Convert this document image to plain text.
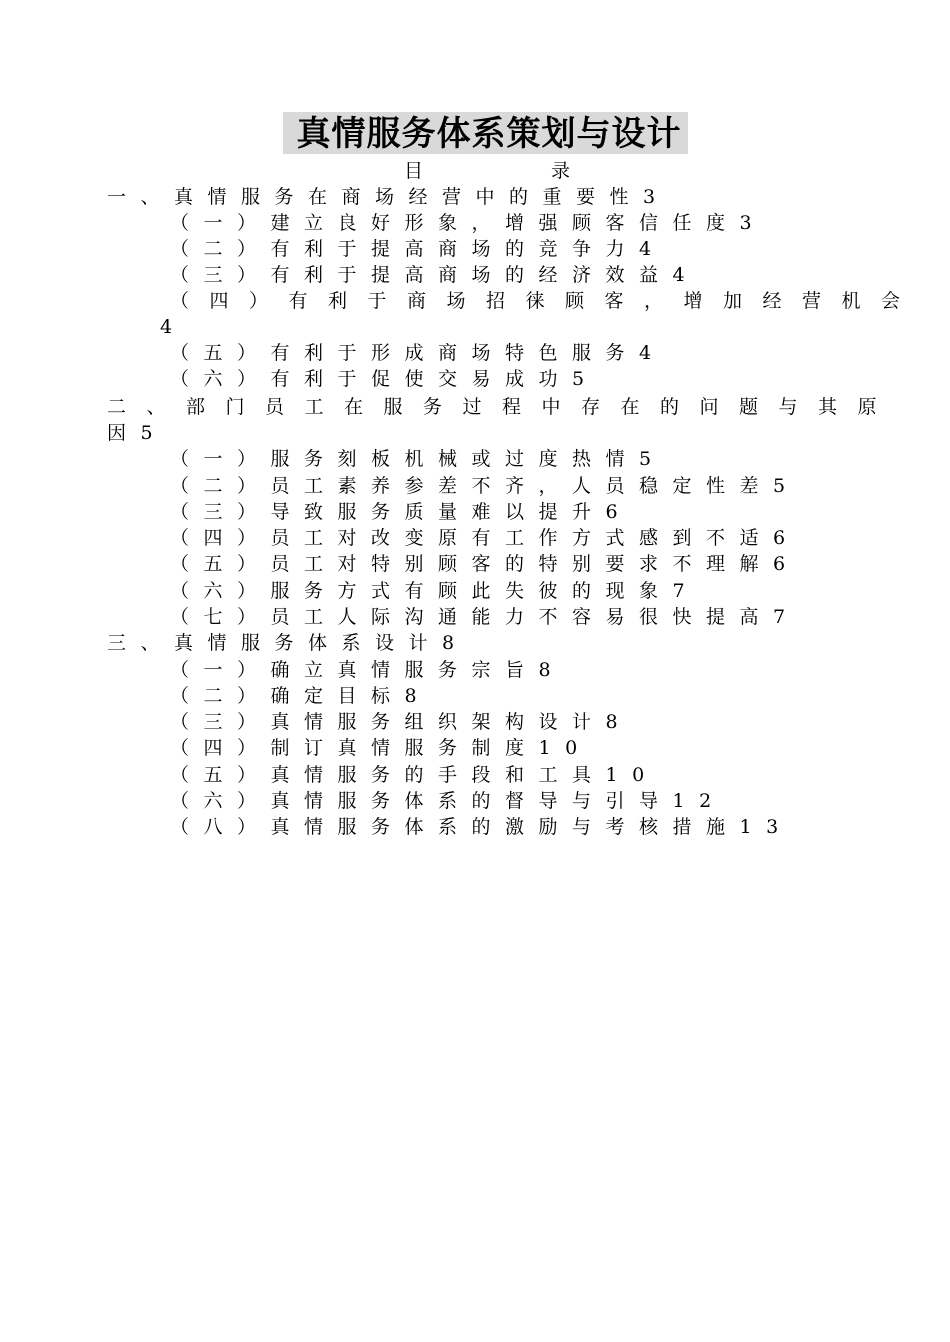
真情服务体系策划与设计
目录
一、真情服务在商场经营中的重要性3
（一）建立良好形象，增强顾客信任度3
（二）有利于提高商场的竞争力4
（三）有利于提高商场的经济效益4
（四）有利于商场招徕顾客，增加经营机会
4
（五）有利于形成商场特色服务4
（六）有利于促使交易成功5
二、部门员工在服务过程中存在的问题与其原
因5
（一）服务刻板机械或过度热情5
（二）员工素养参差不齐，人员稳定性差5
（三）导致服务质量难以提升6
（四）员工对改变原有工作方式感到不适6
（五）员工对特别顾客的特别要求不理解6
（六）服务方式有顾此失彼的现象7
（七）员工人际沟通能力不容易很快提高7
三、真情服务体系设计8
（一）确立真情服务宗旨8
（二）确定目标8
（三）真情服务组织架构设计8
（四）制订真情服务制度10
（五）真情服务的手段和工具10
（六）真情服务体系的督导与引导12
（八）真情服务体系的激励与考核措施13
